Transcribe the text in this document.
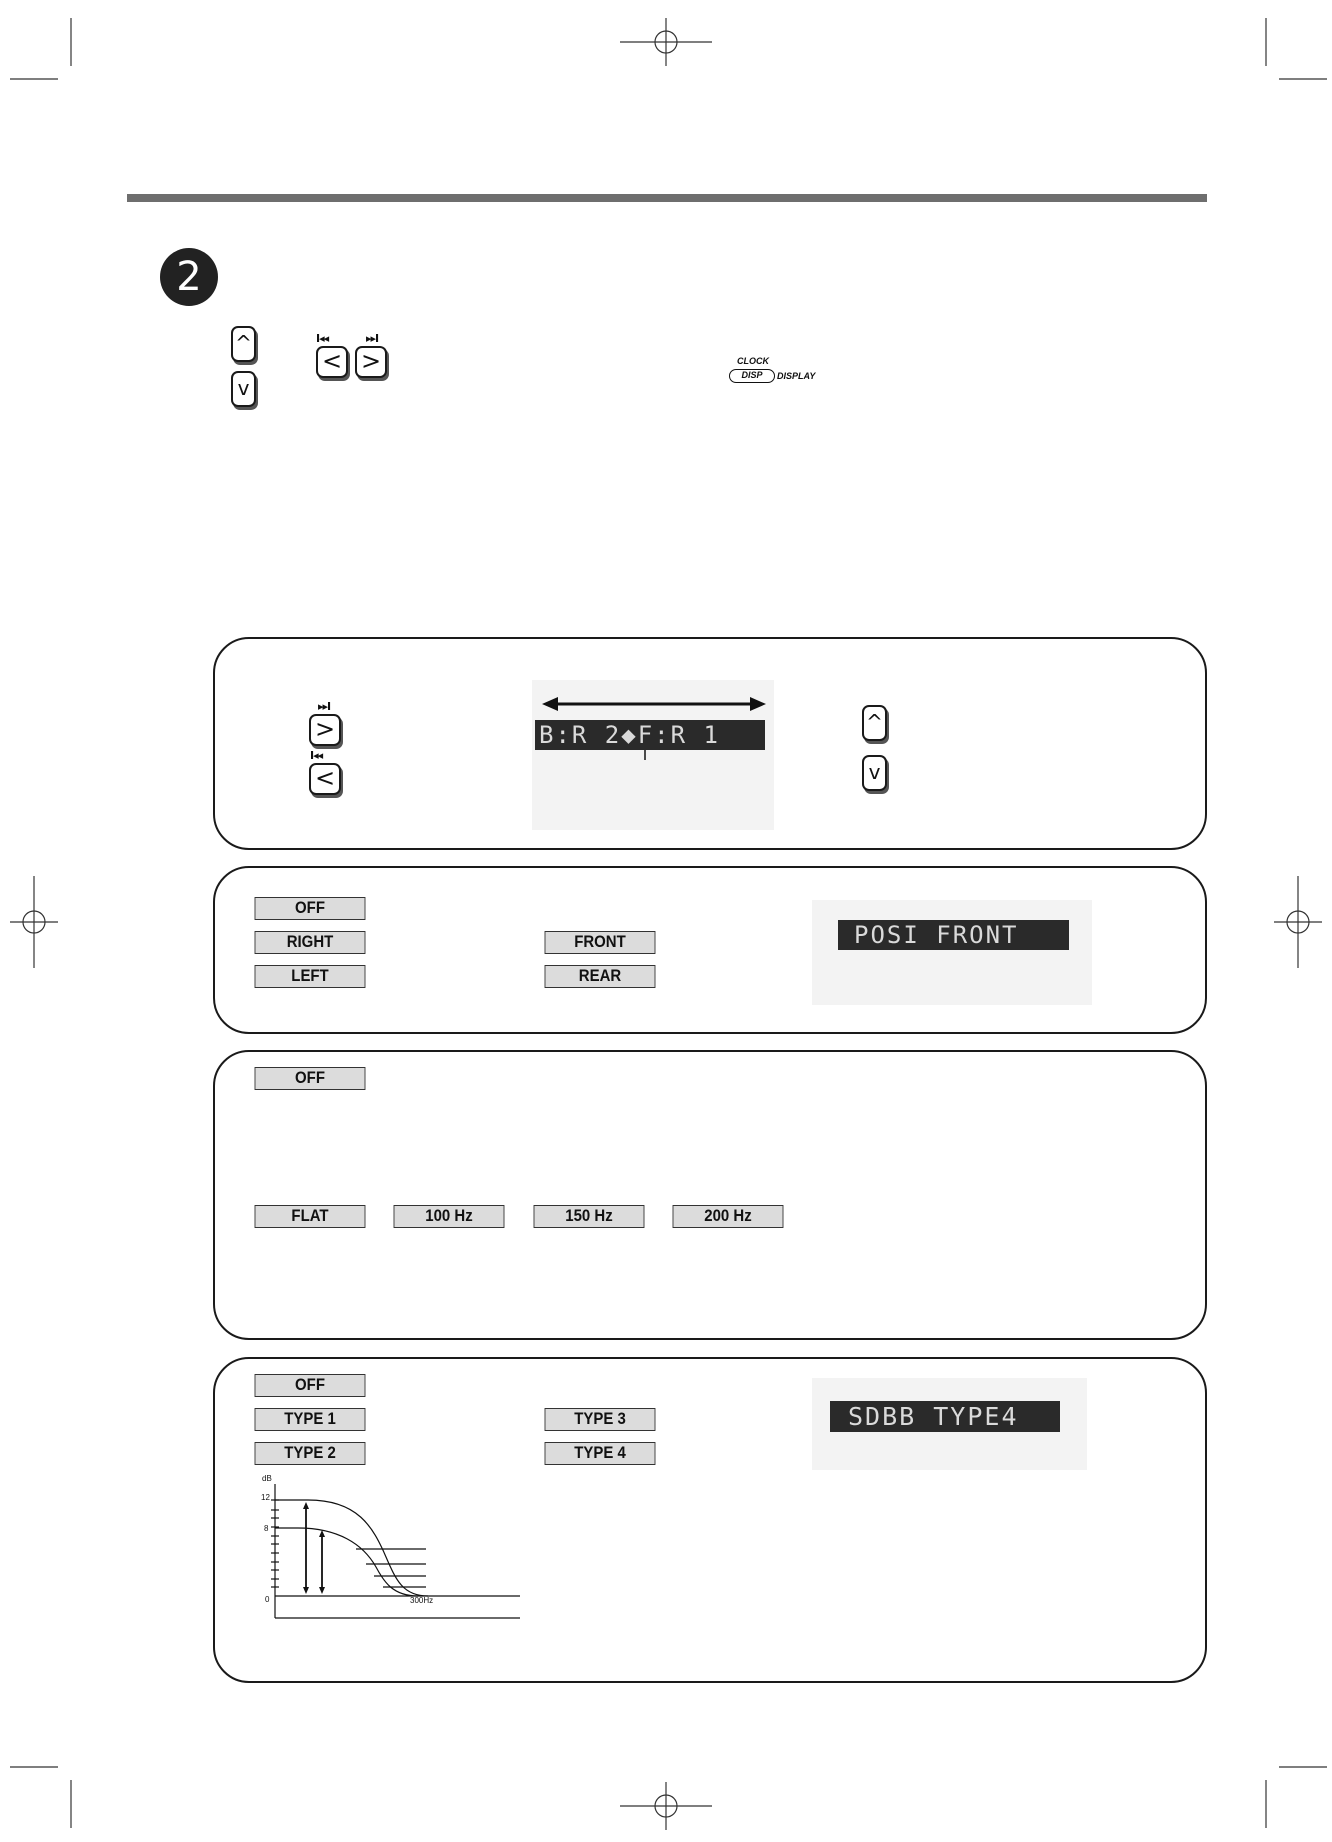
2
^
v
I◂◂	▸▸I
< >	CLOCK
DISP	DISPLAY
▸▸I
>
I◂◂
<
B:R 2◆F:R 1	^
v
OFF
RIGHT
LEFT
FRONT
REAR
POSI FRONT
OFF
FLAT	100 Hz	150 Hz	200 Hz
OFF
TYPE 1
TYPE 2
TYPE 3
TYPE 4
SDBB TYPE4
dB
12
8
0	300Hz
